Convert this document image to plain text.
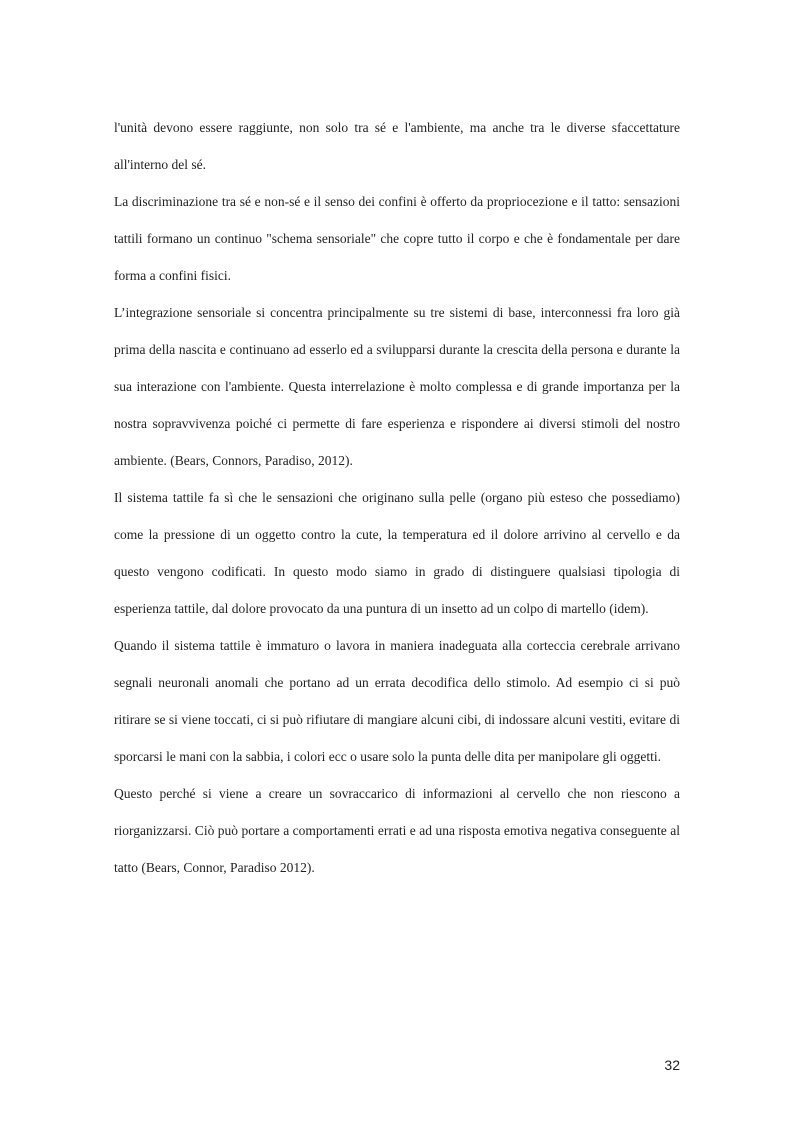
l'unità devono essere raggiunte, non solo tra sé e l'ambiente, ma anche tra le diverse sfaccettature all'interno del sé.

La discriminazione tra sé e non-sé e il senso dei confini è offerto da propriocezione e il tatto: sensazioni tattili formano un continuo "schema sensoriale" che copre tutto il corpo e che è fondamentale per dare forma a confini fisici.

L’integrazione sensoriale si concentra principalmente su tre sistemi di base, interconnessi fra loro già prima della nascita e continuano ad esserlo ed a svilupparsi durante la crescita della persona e durante la sua interazione con l'ambiente. Questa interrelazione è molto complessa e di grande importanza per la nostra sopravvivenza poiché ci permette di fare esperienza e rispondere ai diversi stimoli del nostro ambiente. (Bears, Connors, Paradiso, 2012).

Il sistema tattile fa sì che le sensazioni che originano sulla pelle (organo più esteso che possediamo) come la pressione di un oggetto contro la cute, la temperatura ed il dolore arrivino al cervello e da questo vengono codificati. In questo modo siamo in grado di distinguere qualsiasi tipologia di esperienza tattile, dal dolore provocato da una puntura di un insetto ad un colpo di martello (idem).

Quando il sistema tattile è immaturo o lavora in maniera inadeguata alla corteccia cerebrale arrivano segnali neuronali anomali che portano ad un errata decodifica dello stimolo. Ad esempio ci si può ritirare se si viene toccati, ci si può rifiutare di mangiare alcuni cibi, di indossare alcuni vestiti, evitare di sporcarsi le mani con la sabbia, i colori ecc o usare solo la punta delle dita per manipolare gli oggetti.

Questo perché si viene a creare un sovraccarico di informazioni al cervello che non riescono a riorganizzarsi. Ciò può portare a comportamenti errati e ad una risposta emotiva negativa conseguente al tatto (Bears, Connor, Paradiso 2012).

32
